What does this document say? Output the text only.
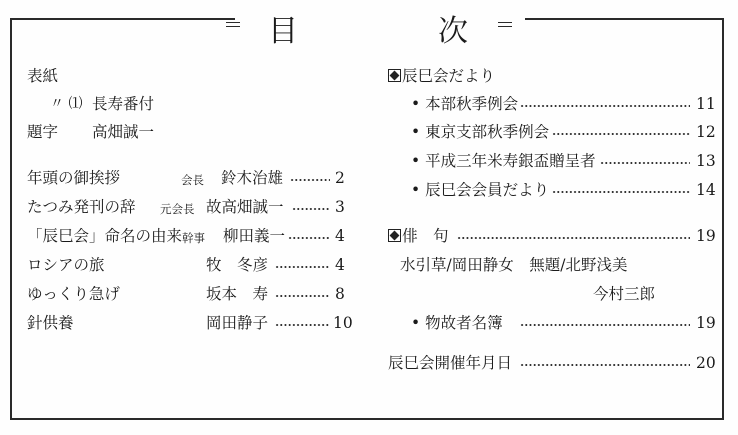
目	次
表紙
〃 ⑴ 長寿番付
題字 高畑誠一
年頭の御挨拶	会長 鈴木治雄	2
たつみ発刊の辞 元会長 故高畑誠一	3
「辰巳会」命名の由来 幹事 柳田義一	4
ロシアの旅	牧　冬彦	4
ゆっくり急げ	坂本　寿	8
針供養	岡田静子	10
辰巳会だより
• 本部秋季例会	11
• 東京支部秋季例会	12
• 平成三年米寿銀盃贈呈者	13
• 辰巳会会員だより	14
俳　句	19
水引草/岡田静女　無題/北野浅美
今村三郎
• 物故者名簿	19
辰巳会開催年月日	20
